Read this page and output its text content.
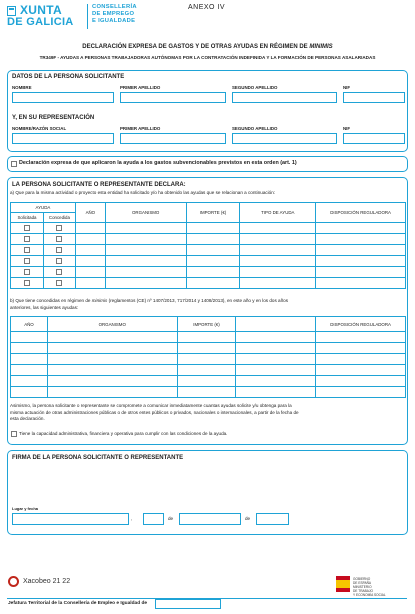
XUNTA
DE GALICIA
CONSELLERÍA
DE EMPREGO
E IGUALDADE
ANEXO IV
DECLARACIÓN EXPRESA DE GASTOS Y DE OTRAS AYUDAS EN RÉGIMEN DE MINIMIS
TR349F - AYUDAS A PERSONAS TRABAJADORAS AUTÓNOMAS POR LA CONTRATACIÓN INDEFINIDA Y LA FORMACIÓN DE PERSONAS ASALARIADAS
DATOS DE LA PERSONA SOLICITANTE
NOMBRE	PRIMER APELLIDO	SEGUNDO APELLIDO	NIF
Y, EN SU REPRESENTACIÓN
NOMBRE/RAZÓN SOCIAL	PRIMER APELLIDO	SEGUNDO APELLIDO	NIF
Declaración expresa de que aplicaron la ayuda a los gastos subvencionables previstos en esta orden (art. 1)
LA PERSONA SOLICITANTE O REPRESENTANTE DECLARA:
a) Que para la misma actividad o proyecto esta entidad ha solicitado y/o ha obtenido las ayudas que se relacionan a continuación:
AYUDA		AÑO	ORGANISMO	IMPORTE (€)	TIPO DE AYUDA	DISPOSICIÓN REGULADORA
Solicitada	Concedida					

b) Que tiene concedidas en régimen de minimis (reglamentos (CE) nº 1407/2013, 717/2014 y 1408/2013), en este año y en los dos años
anteriores, las siguientes ayudas:
AÑO	ORGANISMO	IMPORTE (€)		DISPOSICIÓN REGULADORA

Asimismo, la persona solicitante o representante se compromete a comunicar inmediatamente cuantas ayudas solicite y/u obtenga para la
misma actuación de otras administraciones públicas o de otros entes públicos o privados, nacionales o internacionales, a partir de la fecha de
esta declaración.
Tiene la capacidad administrativa, financiera y operativa para cumplir con las condiciones de la ayuda.
FIRMA DE LA PERSONA SOLICITANTE O REPRESENTANTE
Lugar y fecha
,	de	de
Xacobeo 21 22	GOBIERNO
DE ESPAÑA
MINISTERIO
DE TRABAJO
Y ECONOMÍA SOCIAL
Jefatura Territorial de la Consellería de Empleo e Igualdad de
